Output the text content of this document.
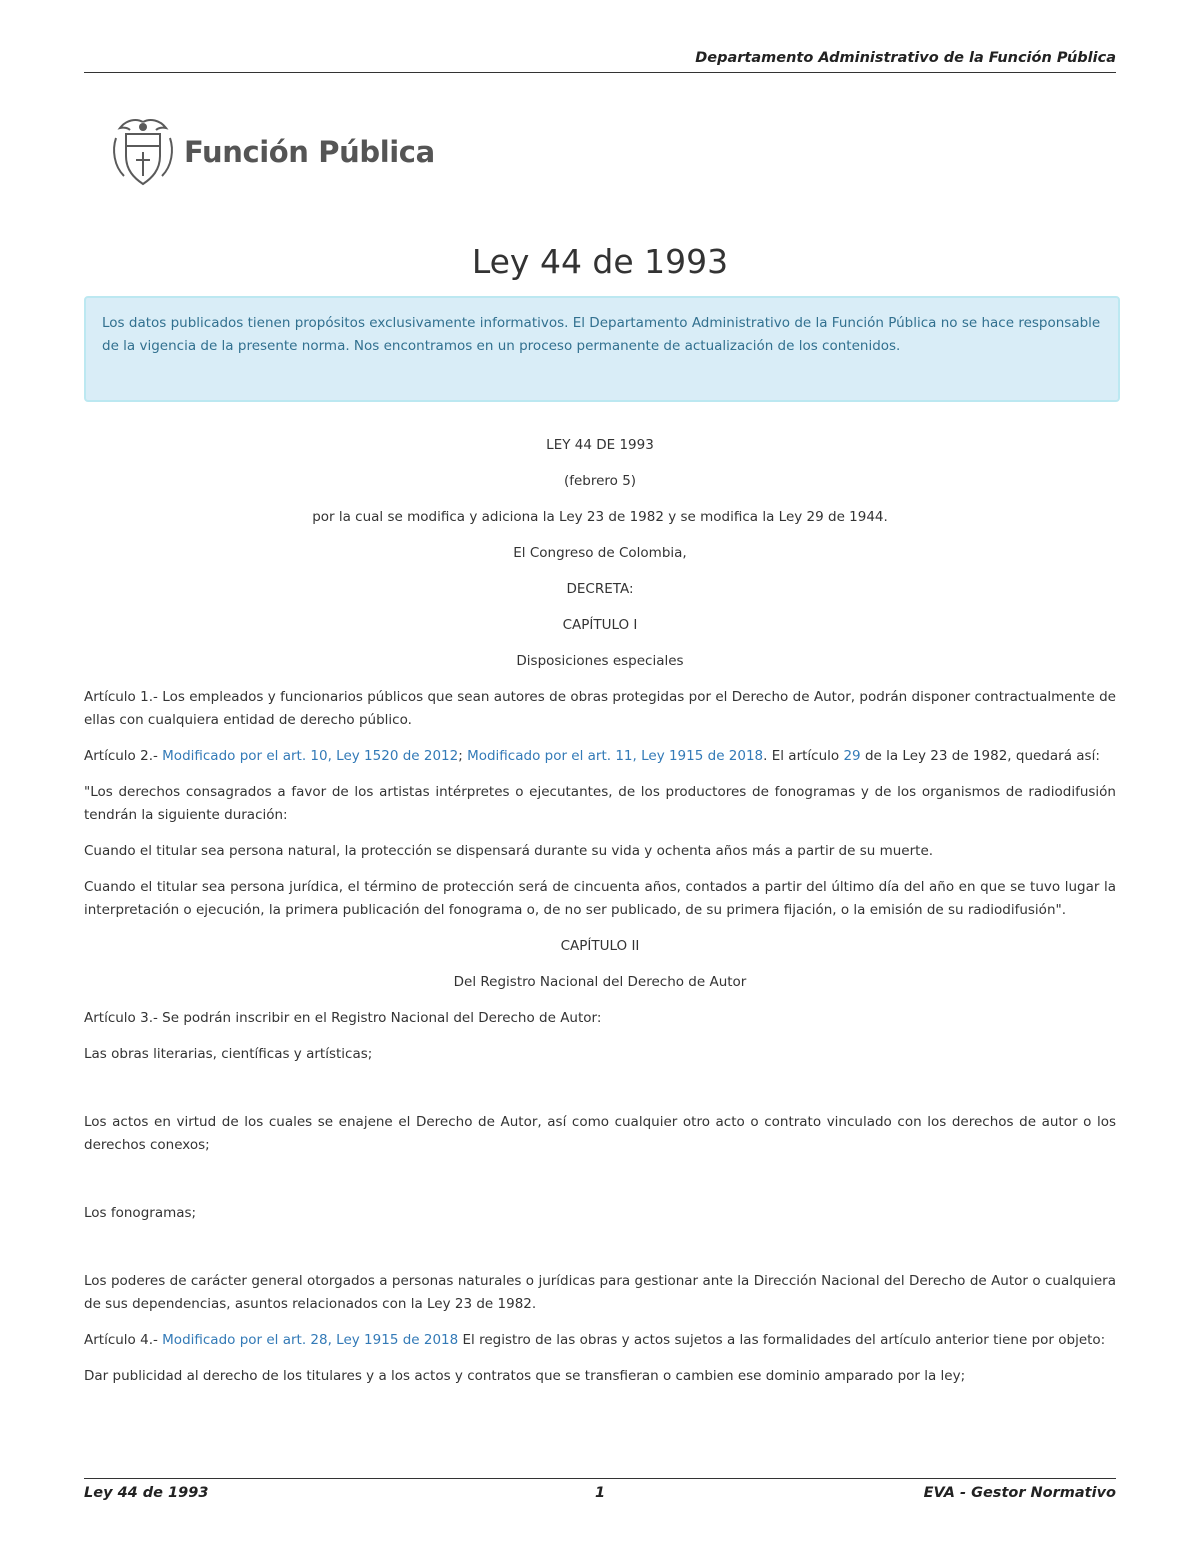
Departamento Administrativo de la Función Pública
Función Pública
Ley 44 de 1993
Los datos publicados tienen propósitos exclusivamente informativos. El Departamento Administrativo de la Función Pública no se hace responsable de la vigencia de la presente norma. Nos encontramos en un proceso permanente de actualización de los contenidos.

LEY 44 DE 1993

(febrero 5)

por la cual se modifica y adiciona la Ley 23 de 1982 y se modifica la Ley 29 de 1944.

El Congreso de Colombia,

DECRETA:

CAPÍTULO I

Disposiciones especiales

Artículo 1.- Los empleados y funcionarios públicos que sean autores de obras protegidas por el Derecho de Autor, podrán disponer contractualmente de ellas con cualquiera entidad de derecho público.

Artículo 2.- Modificado por el art. 10, Ley 1520 de 2012; Modificado por el art. 11, Ley 1915 de 2018. El artículo 29 de la Ley 23 de 1982, quedará así:

"Los derechos consagrados a favor de los artistas intérpretes o ejecutantes, de los productores de fonogramas y de los organismos de radiodifusión tendrán la siguiente duración:

Cuando el titular sea persona natural, la protección se dispensará durante su vida y ochenta años más a partir de su muerte.

Cuando el titular sea persona jurídica, el término de protección será de cincuenta años, contados a partir del último día del año en que se tuvo lugar la interpretación o ejecución, la primera publicación del fonograma o, de no ser publicado, de su primera fijación, o la emisión de su radiodifusión".

CAPÍTULO II

Del Registro Nacional del Derecho de Autor

Artículo 3.- Se podrán inscribir en el Registro Nacional del Derecho de Autor:

Las obras literarias, científicas y artísticas;

Los actos en virtud de los cuales se enajene el Derecho de Autor, así como cualquier otro acto o contrato vinculado con los derechos de autor o los derechos conexos;

Los fonogramas;

Los poderes de carácter general otorgados a personas naturales o jurídicas para gestionar ante la Dirección Nacional del Derecho de Autor o cualquiera de sus dependencias, asuntos relacionados con la Ley 23 de 1982.

Artículo 4.- Modificado por el art. 28, Ley 1915 de 2018 El registro de las obras y actos sujetos a las formalidades del artículo anterior tiene por objeto:

Dar publicidad al derecho de los titulares y a los actos y contratos que se transfieran o cambien ese dominio amparado por la ley;

Ley 44 de 1993	1	EVA - Gestor Normativo
